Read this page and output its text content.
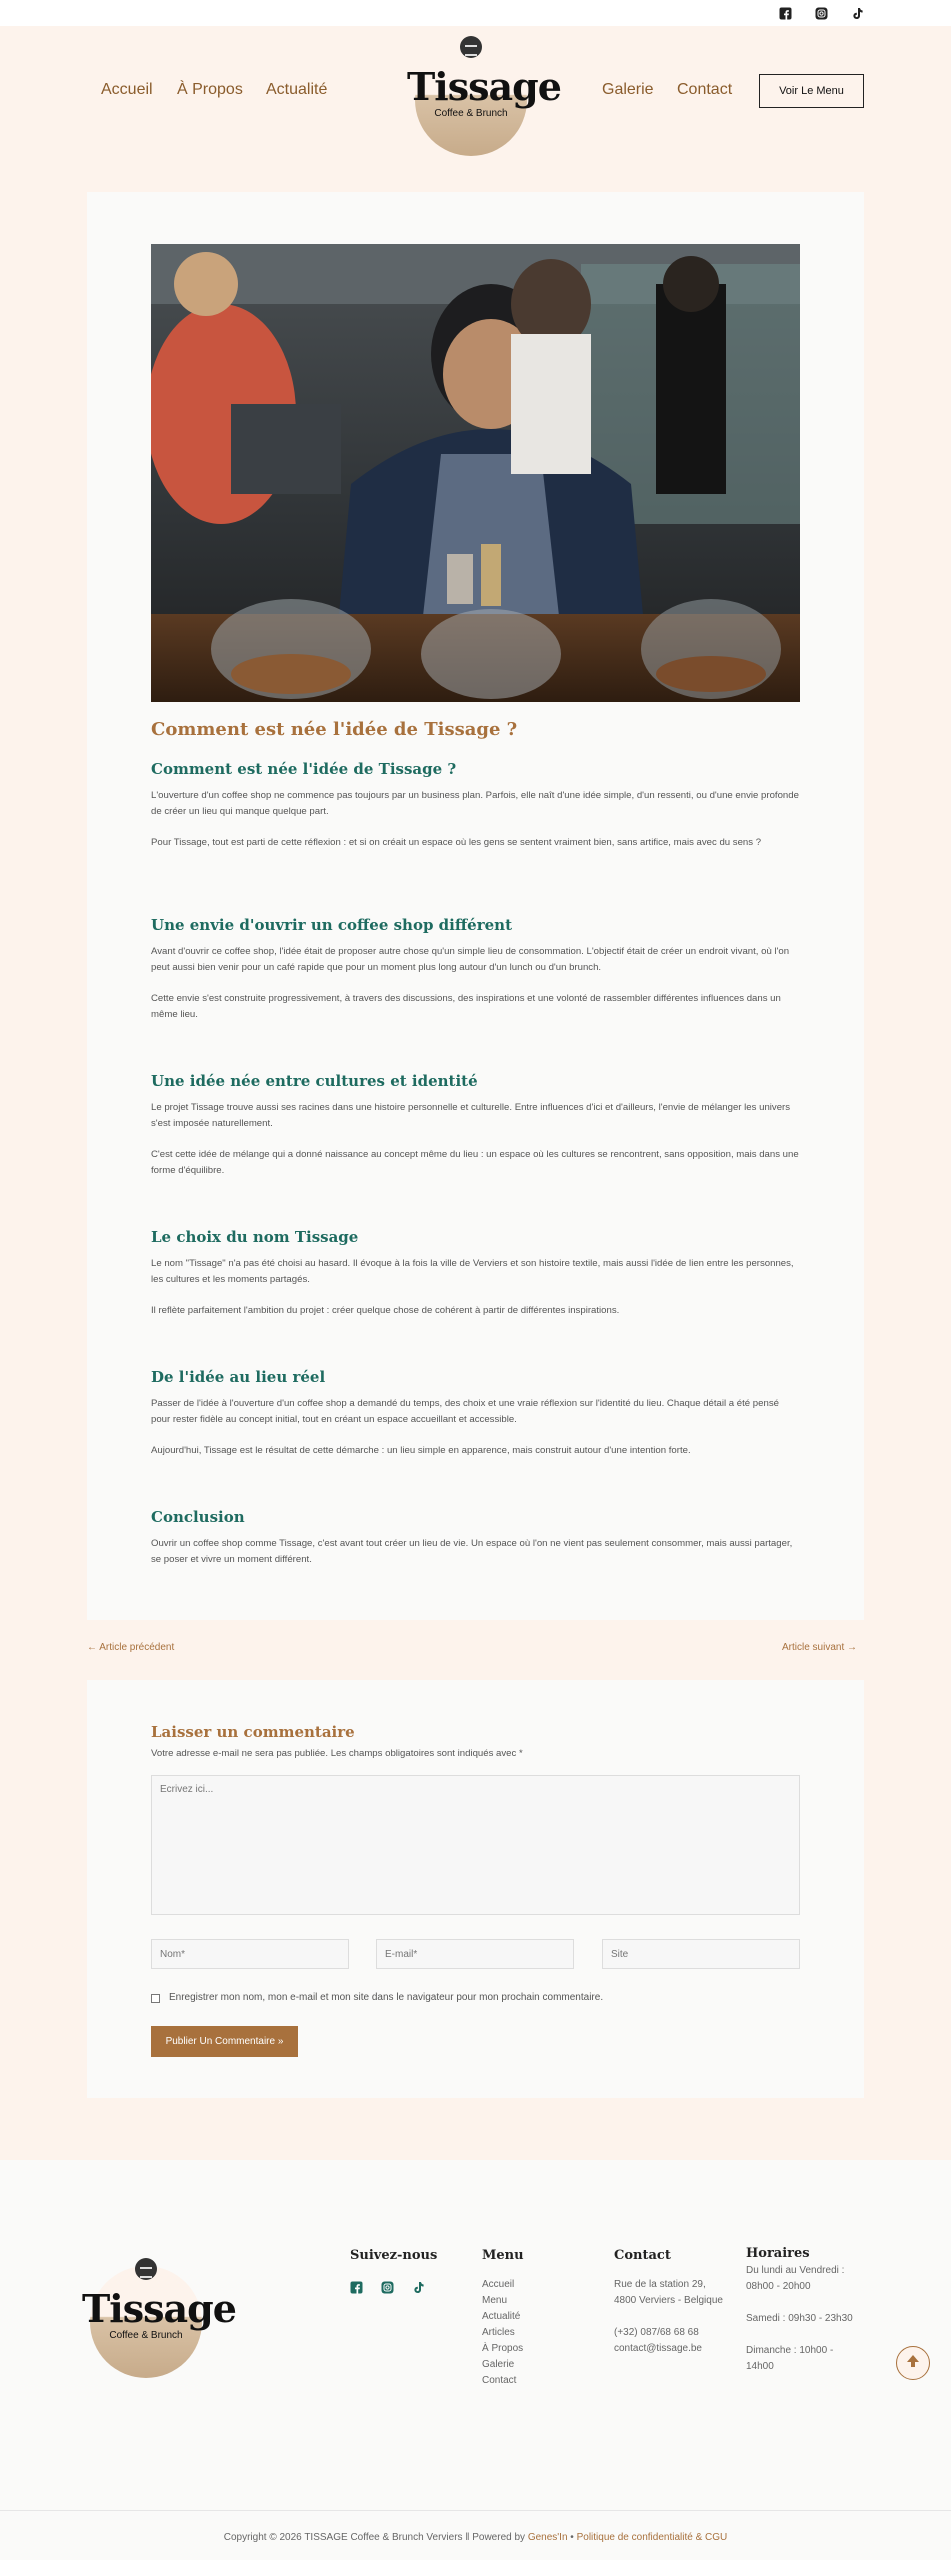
Accueil À Propos Actualité Tissage
Coffee & Brunch
Galerie Contact	Voir Le Menu
Comment est née l'idée de Tissage ?
Comment est née l'idée de Tissage ?

L'ouverture d'un coffee shop ne commence pas toujours par un business plan. Parfois, elle naît d'une idée simple, d'un ressenti, ou d'une envie profonde de créer un lieu qui manque quelque part.

Pour Tissage, tout est parti de cette réflexion : et si on créait un espace où les gens se sentent vraiment bien, sans artifice, mais avec du sens ?

Une envie d'ouvrir un coffee shop différent

Avant d'ouvrir ce coffee shop, l'idée était de proposer autre chose qu'un simple lieu de consommation. L'objectif était de créer un endroit vivant, où l'on peut aussi bien venir pour un café rapide que pour un moment plus long autour d'un lunch ou d'un brunch.

Cette envie s'est construite progressivement, à travers des discussions, des inspirations et une volonté de rassembler différentes influences dans un même lieu.

Une idée née entre cultures et identité

Le projet Tissage trouve aussi ses racines dans une histoire personnelle et culturelle. Entre influences d'ici et d'ailleurs, l'envie de mélanger les univers s'est imposée naturellement.

C'est cette idée de mélange qui a donné naissance au concept même du lieu : un espace où les cultures se rencontrent, sans opposition, mais dans une forme d'équilibre.

Le choix du nom Tissage

Le nom "Tissage" n'a pas été choisi au hasard. Il évoque à la fois la ville de Verviers et son histoire textile, mais aussi l'idée de lien entre les personnes, les cultures et les moments partagés.

Il reflète parfaitement l'ambition du projet : créer quelque chose de cohérent à partir de différentes inspirations.

De l'idée au lieu réel

Passer de l'idée à l'ouverture d'un coffee shop a demandé du temps, des choix et une vraie réflexion sur l'identité du lieu. Chaque détail a été pensé pour rester fidèle au concept initial, tout en créant un espace accueillant et accessible.

Aujourd'hui, Tissage est le résultat de cette démarche : un lieu simple en apparence, mais construit autour d'une intention forte.

Conclusion

Ouvrir un coffee shop comme Tissage, c'est avant tout créer un lieu de vie. Un espace où l'on ne vient pas seulement consommer, mais aussi partager, se poser et vivre un moment différent.

← Article précédent	Article suivant →
Laisser un commentaire
Votre adresse e-mail ne sera pas publiée. Les champs obligatoires sont indiqués avec *
Ecrivez ici...
Nom*
E-mail*
Site
Enregistrer mon nom, mon e-mail et mon site dans le navigateur pour mon prochain commentaire.
Publier Un Commentaire »
Tissage
Coffee & Brunch
Suivez-nous	Menu
Accueil
Menu
Actualité
Articles
À Propos
Galerie
Contact
Contact
Rue de la station 29,
4800 Verviers - Belgique
(+32) 087/68 68 68
contact@tissage.be
Horaires
Du lundi au Vendredi :
08h00 - 20h00
Samedi : 09h30 - 23h30
Dimanche : 10h00 -
14h00
Copyright © 2026 TISSAGE Coffee & Brunch Verviers ‖ Powered by Genes'In • Politique de confidentialité & CGU
